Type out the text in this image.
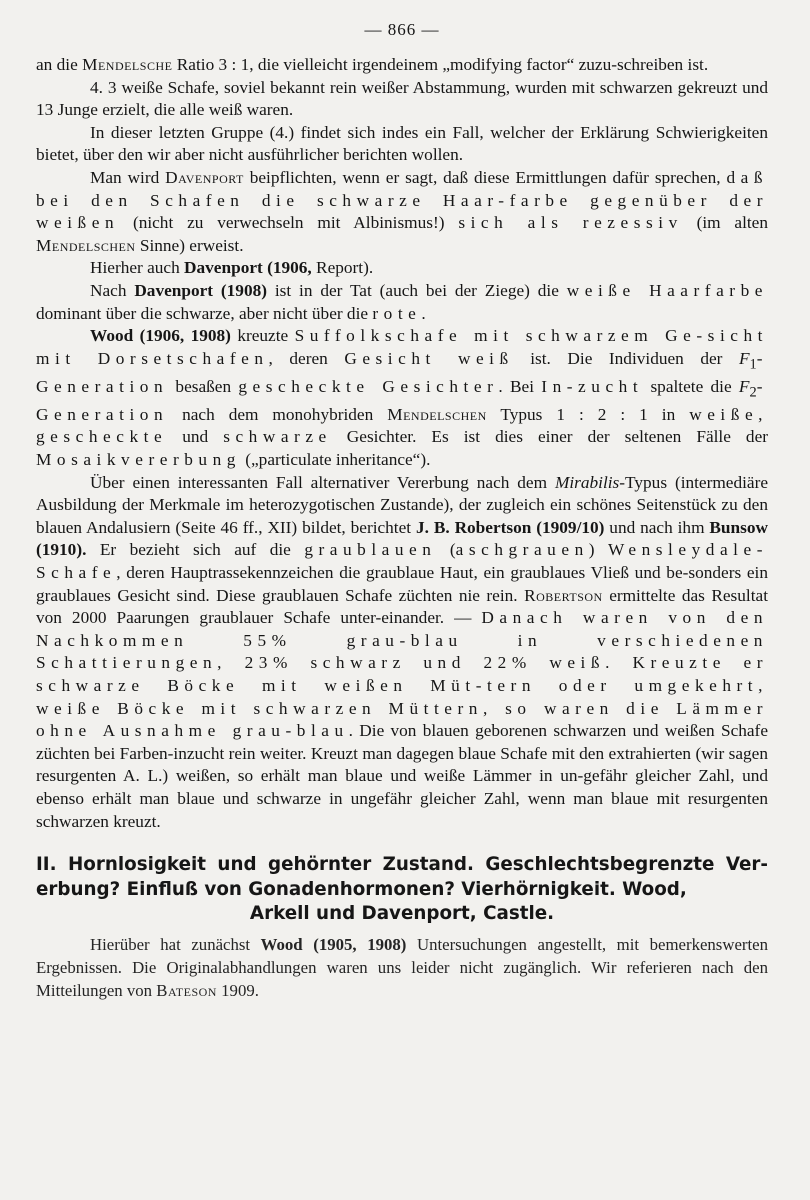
— 866 —

an die Mendelsche Ratio 3 : 1, die vielleicht irgendeinem „modifying factor“ zuzu-schreiben ist.

4. 3 weiße Schafe, soviel bekannt rein weißer Abstammung, wurden mit schwarzen gekreuzt und 13 Junge erzielt, die alle weiß waren.

In dieser letzten Gruppe (4.) findet sich indes ein Fall, welcher der Erklärung Schwierigkeiten bietet, über den wir aber nicht ausführlicher berichten wollen.

Man wird Davenport beipflichten, wenn er sagt, daß diese Ermittlungen dafür sprechen, daß bei den Schafen die schwarze Haar-farbe gegenüber der weißen (nicht zu verwechseln mit Albinismus!) sich als rezessiv (im alten Mendelschen Sinne) erweist.

Hierher auch Davenport (1906, Report).

Nach Davenport (1908) ist in der Tat (auch bei der Ziege) die weiße Haarfarbe dominant über die schwarze, aber nicht über die rote.

Wood (1906, 1908) kreuzte Suffolkschafe mit schwarzem Ge-sicht mit Dorsetschafen, deren Gesicht weiß ist. Die Individuen der $F_1$-Generation besaßen gescheckte Gesichter. Bei In-zucht spaltete die $F_2$-Generation nach dem monohybriden Mendelschen Typus 1 : 2 : 1 in weiße, gescheckte und schwarze Gesichter. Es ist dies einer der seltenen Fälle der Mosaikvererbung („particulate inheritance“).

Über einen interessanten Fall alternativer Vererbung nach dem Mirabilis-Typus (intermediäre Ausbildung der Merkmale im heterozygotischen Zustande), der zugleich ein schönes Seitenstück zu den blauen Andalusiern (Seite 46 ff., XII) bildet, berichtet J. B. Robertson (1909/10) und nach ihm Bunsow (1910). Er bezieht sich auf die graublauen (aschgrauen) Wensleydale-Schafe, deren Hauptrassekennzeichen die graublaue Haut, ein graublaues Vließ und be-sonders ein graublaues Gesicht sind. Diese graublauen Schafe züchten nie rein. Robertson ermittelte das Resultat von 2000 Paarungen graublauer Schafe unter-einander. — Danach waren von den Nachkommen 55% grau-blau in verschiedenen Schattierungen, 23% schwarz und 22% weiß. Kreuzte er schwarze Böcke mit weißen Müt-tern oder umgekehrt, weiße Böcke mit schwarzen Müttern, so waren die Lämmer ohne Ausnahme grau-blau. Die von blauen geborenen schwarzen und weißen Schafe züchten bei Farben-inzucht rein weiter. Kreuzt man dagegen blaue Schafe mit den extrahierten (wir sagen resurgenten A. L.) weißen, so erhält man blaue und weiße Lämmer in un-gefähr gleicher Zahl, und ebenso erhält man blaue und schwarze in ungefähr gleicher Zahl, wenn man blaue mit resurgenten schwarzen kreuzt.

II. Hornlosigkeit und gehörnter Zustand. Geschlechtsbegrenzte Ver-erbung? Einfluß von Gonadenhormonen? Vierhörnigkeit. Wood,
Arkell und Davenport, Castle.

Hierüber hat zunächst Wood (1905, 1908) Untersuchungen angestellt, mit bemerkenswerten Ergebnissen. Die Originalabhandlungen waren uns leider nicht zugänglich. Wir referieren nach den Mitteilungen von Bateson 1909.
